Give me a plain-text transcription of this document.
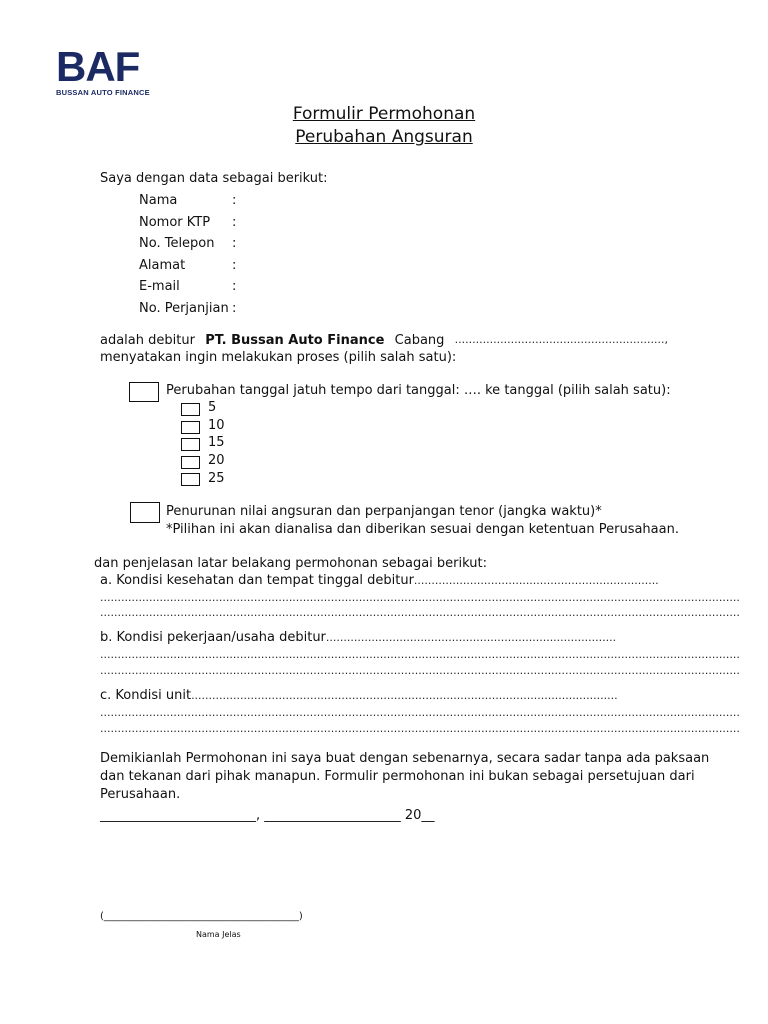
BAF
BUSSAN AUTO FINANCE
Formulir Permohonan
Perubahan Angsuran
Saya dengan data sebagai berikut:
Nama	:
Nomor KTP :
No. Telepon :
Alamat	:
E-mail	:
No. Perjanjian :
adalah debitur PT. Bussan Auto Finance Cabang ............................................................,
menyatakan ingin melakukan proses (pilih salah satu):
Perubahan tanggal jatuh tempo dari tanggal: …. ke tanggal (pilih salah satu):
5
10
15
20
25
Penurunan nilai angsuran dan perpanjangan tenor (jangka waktu)*
*Pilihan ini akan dianalisa dan diberikan sesuai dengan ketentuan Perusahaan.
dan penjelasan latar belakang permohonan sebagai berikut:
a. Kondisi kesehatan dan tempat tinggal debitur......................................................................
.......................................................................................................................................................................................
.......................................................................................................................................................................................
b. Kondisi pekerjaan/usaha debitur...................................................................................
.......................................................................................................................................................................................
.......................................................................................................................................................................................
c. Kondisi unit..........................................................................................................................
.......................................................................................................................................................................................
.......................................................................................................................................................................................
Demikianlah Permohonan ini saya buat dengan sebenarnya, secara sadar tanpa ada paksaan
dan tekanan dari pihak manapun. Formulir permohonan ini bukan sebagai persetujuan dari
Perusahaan.
________________________, _____________________ 20__
(_______________________________________)
Nama Jelas
